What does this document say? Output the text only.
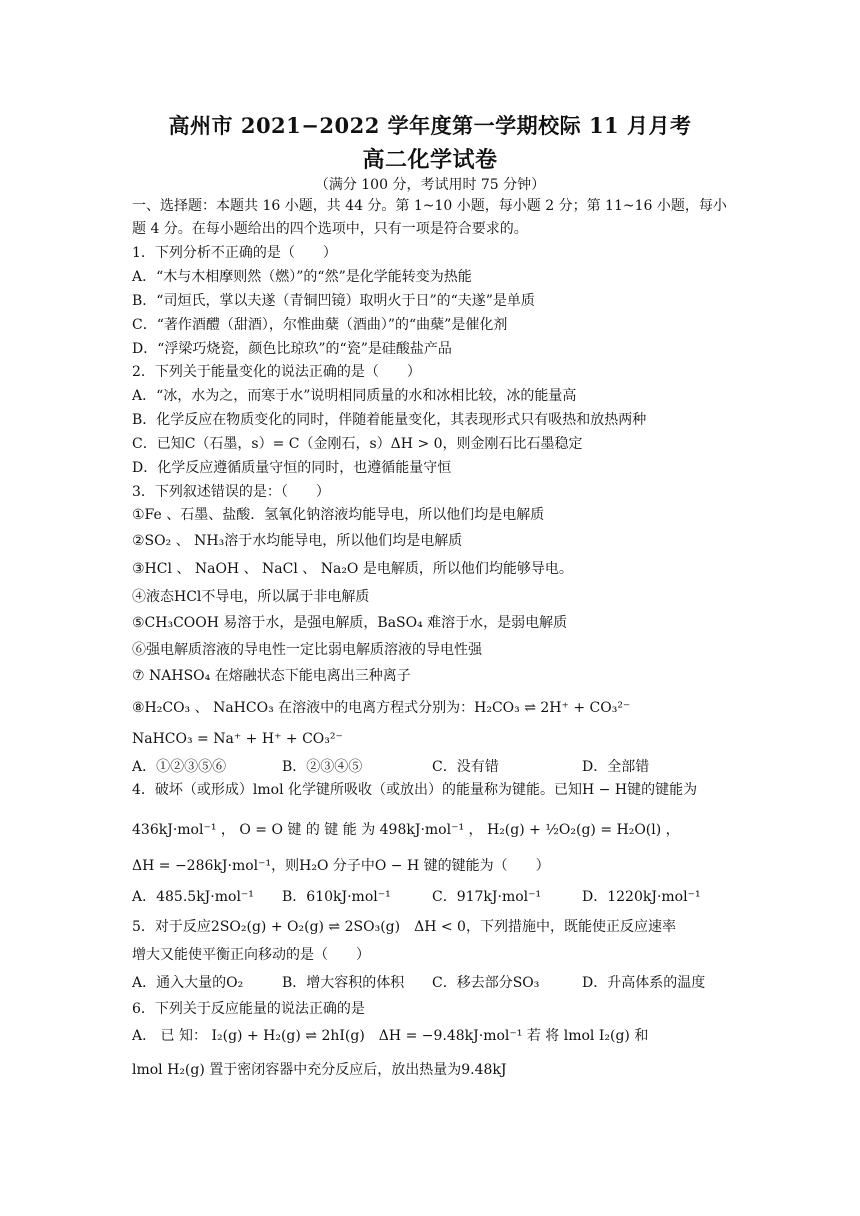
高州市 2021−2022 学年度第一学期校际 11 月月考
高二化学试卷
（满分 100 分，考试用时 75 分钟）
一、选择题：本题共 16 小题，共 44 分。第 1~10 小题，每小题 2 分；第 11~16 小题，每小
题 4 分。在每小题给出的四个选项中，只有一项是符合要求的。
1．下列分析不正确的是（　　）
A．“木与木相摩则然（燃）”的“然”是化学能转变为热能
B．“司烜氏，掌以夫遂（青铜凹镜）取明火于日”的“夫遂”是单质
C．“著作酒醴（甜酒），尔惟曲蘖（酒曲）”的“曲蘖”是催化剂
D．“浮梁巧烧瓷，颜色比琼玖”的“瓷”是硅酸盐产品
2．下列关于能量变化的说法正确的是（　　）
A．“冰，水为之，而寒于水”说明相同质量的水和冰相比较，冰的能量高
B．化学反应在物质变化的同时，伴随着能量变化，其表现形式只有吸热和放热两种
C．已知C（石墨，s）= C（金刚石，s）ΔH > 0，则金刚石比石墨稳定
D．化学反应遵循质量守恒的同时，也遵循能量守恒
3．下列叙述错误的是：（　　）
①Fe 、石墨、盐酸．氢氧化钠溶液均能导电，所以他们均是电解质
②SO₂ 、 NH₃溶于水均能导电，所以他们均是电解质
③HCl 、 NaOH 、 NaCl 、 Na₂O 是电解质，所以他们均能够导电。
④液态HCl不导电，所以属于非电解质
⑤CH₃COOH 易溶于水，是强电解质，BaSO₄ 难溶于水，是弱电解质
⑥强电解质溶液的导电性一定比弱电解质溶液的导电性强
⑦ NAHSO₄ 在熔融状态下能电离出三种离子
⑧H₂CO₃ 、 NaHCO₃ 在溶液中的电离方程式分别为：H₂CO₃ ⇌ 2H⁺ + CO₃²⁻
NaHCO₃ = Na⁺ + H⁺ + CO₃²⁻
A．①②③⑤⑥	B．②③④⑤	C．没有错	D．全部错
4．破坏（或形成）lmol 化学键所吸收（或放出）的能量称为键能。已知H − H键的键能为
436kJ·mol⁻¹ ， O = O 键 的 键 能 为 498kJ·mol⁻¹ ， H₂(g) + ½O₂(g) = H₂O(l) ，
ΔH = −286kJ·mol⁻¹，则H₂O 分子中O − H 键的键能为（　　）
A．485.5kJ·mol⁻¹ B．610kJ·mol⁻¹	C．917kJ·mol⁻¹	D．1220kJ·mol⁻¹
5．对于反应2SO₂(g) + O₂(g) ⇌ 2SO₃(g)　ΔH < 0，下列措施中，既能使正反应速率
增大又能使平衡正向移动的是（　　）
A．通入大量的O₂	B．增大容积的体积 C．移去部分SO₃	D．升高体系的温度
6．下列关于反应能量的说法正确的是
A． 已 知： I₂(g) + H₂(g) ⇌ 2hI(g)　ΔH = −9.48kJ·mol⁻¹ 若 将 lmol I₂(g) 和
lmol H₂(g) 置于密闭容器中充分反应后，放出热量为9.48kJ
